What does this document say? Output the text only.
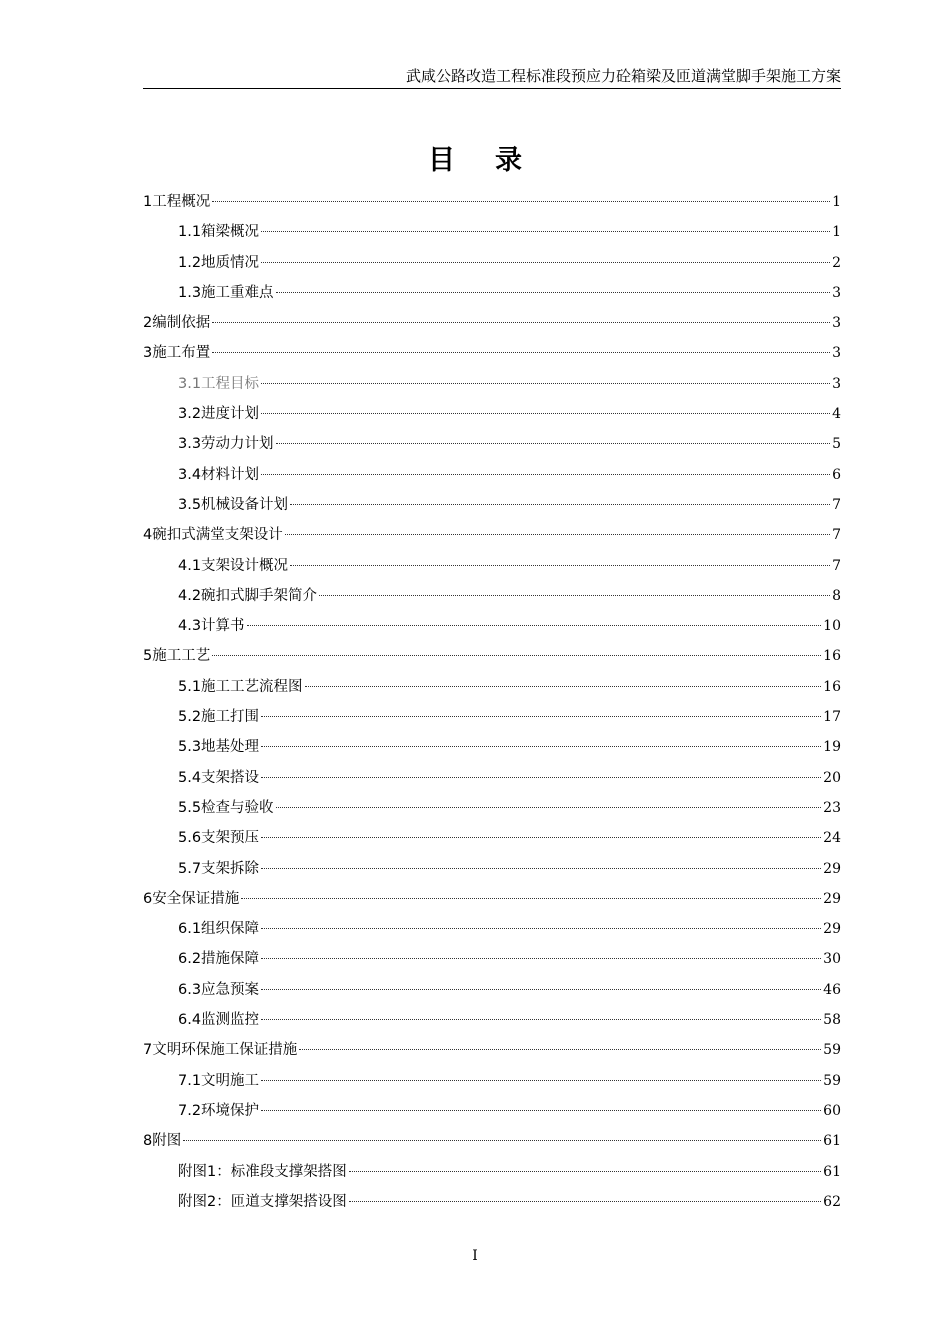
武咸公路改造工程标准段预应力砼箱梁及匝道满堂脚手架施工方案
目录
1工程概况	1
1.1箱梁概况	1
1.2地质情况	2
1.3施工重难点	3
2编制依据	3
3施工布置	3
3.1工程目标	3
3.2进度计划	4
3.3劳动力计划	5
3.4材料计划	6
3.5机械设备计划	7
4碗扣式满堂支架设计	7
4.1支架设计概况	7
4.2碗扣式脚手架简介	8
4.3计算书	10
5施工工艺	16
5.1施工工艺流程图	16
5.2施工打围	17
5.3地基处理	19
5.4支架搭设	20
5.5检查与验收	23
5.6支架预压	24
5.7支架拆除	29
6安全保证措施	29
6.1组织保障	29
6.2措施保障	30
6.3应急预案	46
6.4监测监控	58
7文明环保施工保证措施	59
7.1文明施工	59
7.2环境保护	60
8附图	61
附图1：标准段支撑架搭图	61
附图2：匝道支撑架搭设图	62
I
